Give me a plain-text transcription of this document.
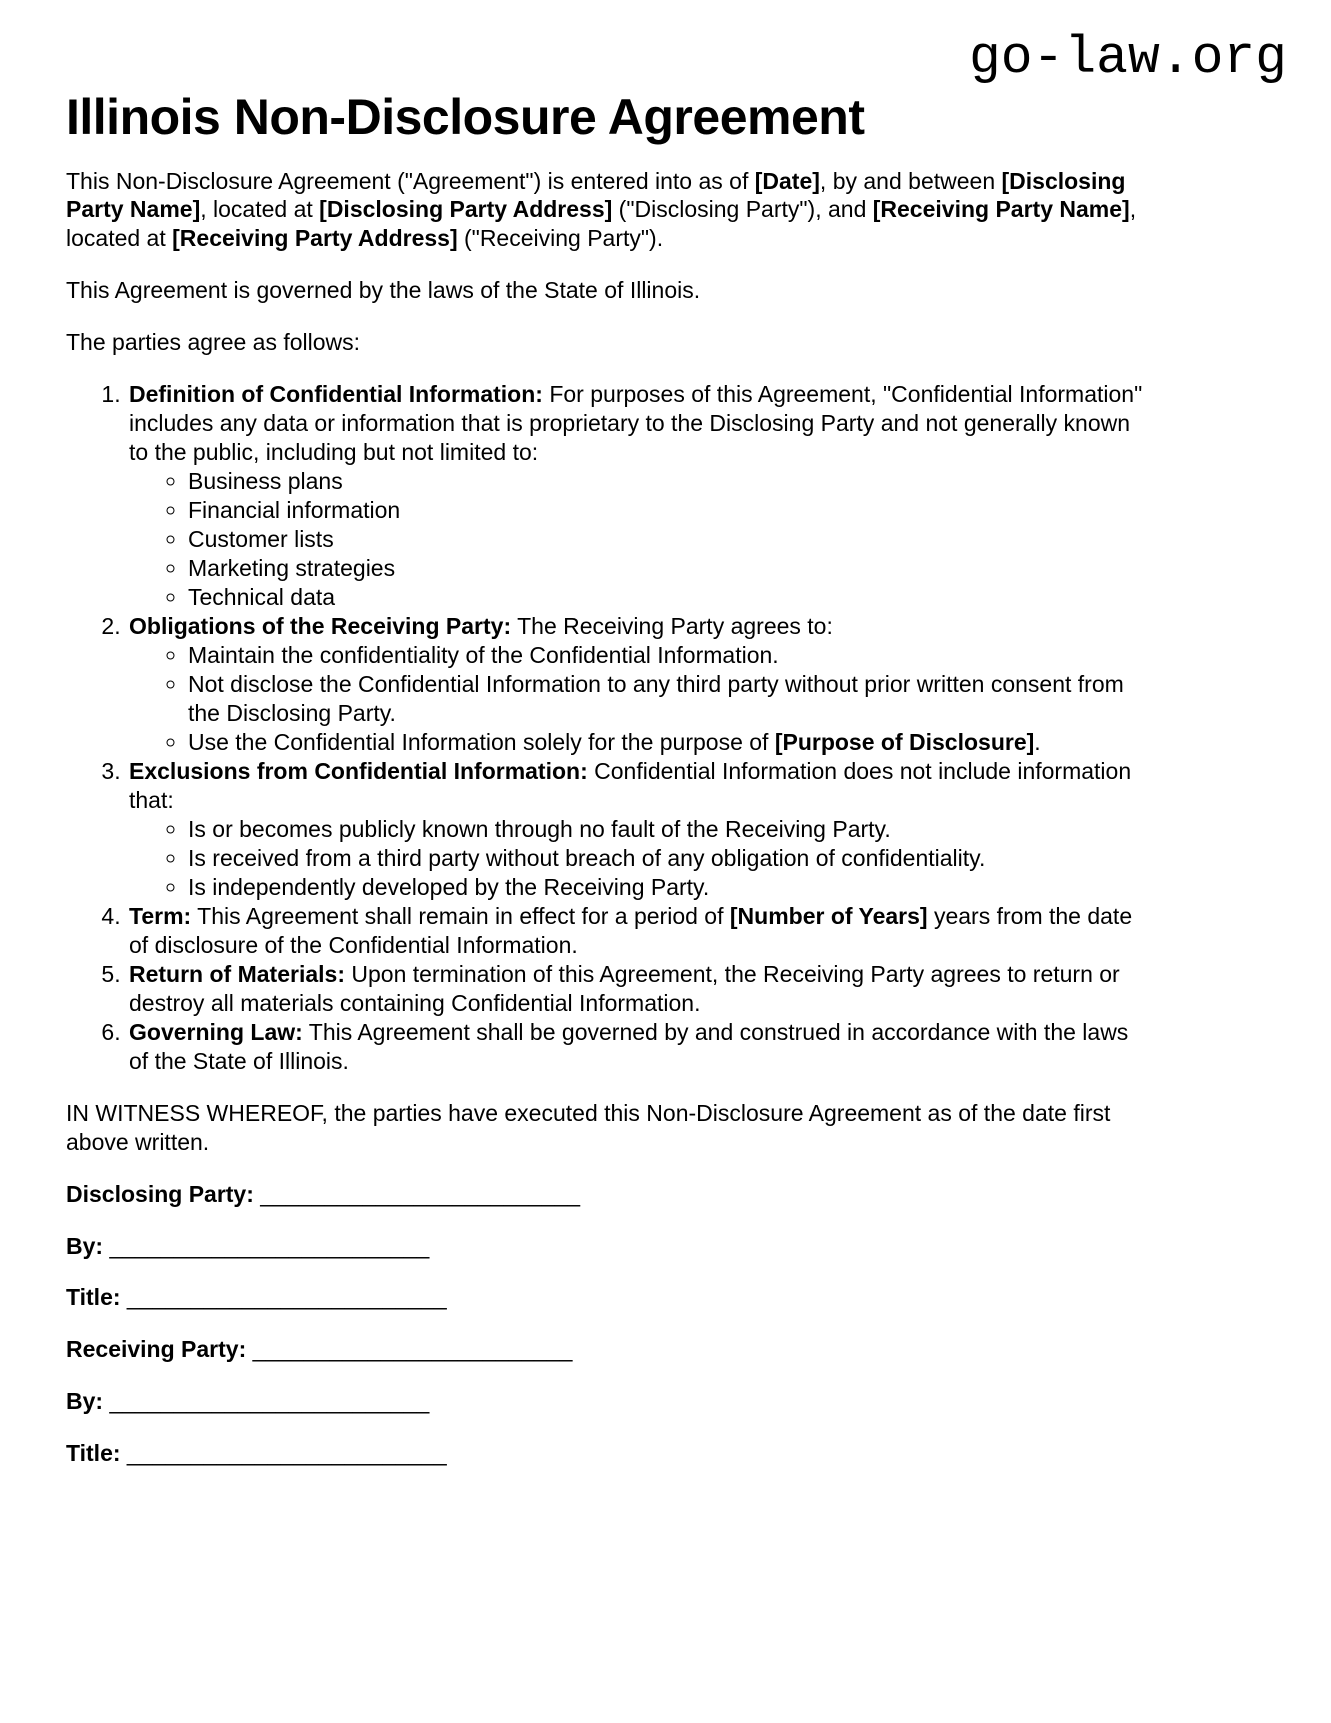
go-law.org
Illinois Non-Disclosure Agreement

This Non-Disclosure Agreement ("Agreement") is entered into as of [Date], by and between [Disclosing Party Name], located at [Disclosing Party Address] ("Disclosing Party"), and [Receiving Party Name], located at [Receiving Party Address] ("Receiving Party").

This Agreement is governed by the laws of the State of Illinois.

The parties agree as follows:

1. Definition of Confidential Information: For purposes of this Agreement, "Confidential Information" includes any data or information that is proprietary to the Disclosing Party and not generally known to the public, including but not limited to:
◦ Business plans
◦ Financial information
◦ Customer lists
◦ Marketing strategies
◦ Technical data
2. Obligations of the Receiving Party: The Receiving Party agrees to:
◦ Maintain the confidentiality of the Confidential Information.
◦ Not disclose the Confidential Information to any third party without prior written consent from the Disclosing Party.
◦ Use the Confidential Information solely for the purpose of [Purpose of Disclosure].
3. Exclusions from Confidential Information: Confidential Information does not include information that:
◦ Is or becomes publicly known through no fault of the Receiving Party.
◦ Is received from a third party without breach of any obligation of confidentiality.
◦ Is independently developed by the Receiving Party.
4. Term: This Agreement shall remain in effect for a period of [Number of Years] years from the date of disclosure of the Confidential Information.
5. Return of Materials: Upon termination of this Agreement, the Receiving Party agrees to return or destroy all materials containing Confidential Information.
6. Governing Law: This Agreement shall be governed by and construed in accordance with the laws of the State of Illinois.

IN WITNESS WHEREOF, the parties have executed this Non-Disclosure Agreement as of the date first above written.

Disclosing Party: _________________________

By: _________________________

Title: _________________________

Receiving Party: _________________________

By: _________________________

Title: _________________________
